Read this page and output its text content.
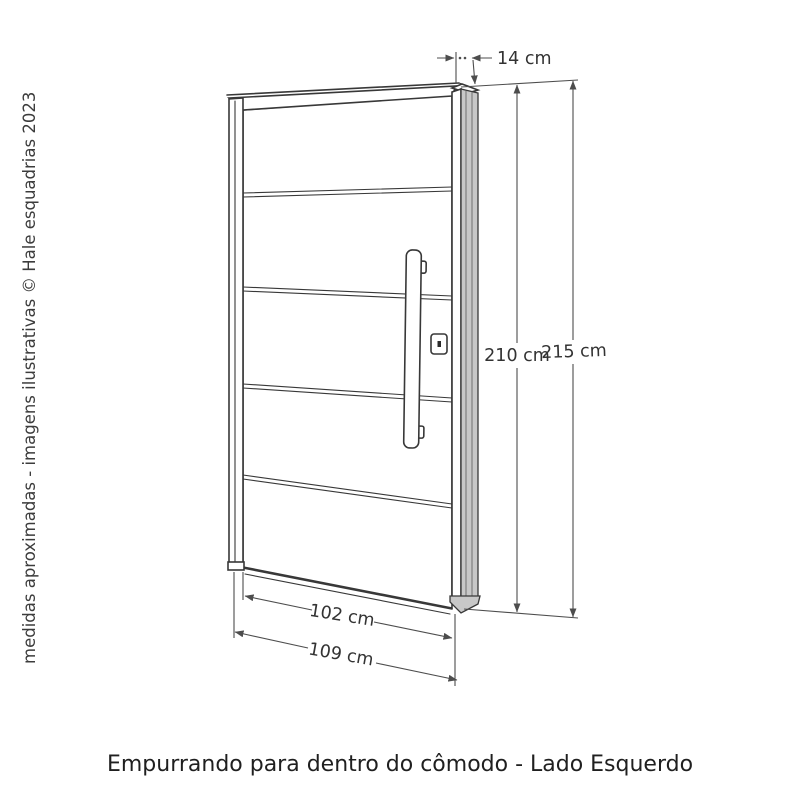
14 cm
210 cm
215 cm
102 cm
109 cm
medidas aproximadas - imagens ilustrativas © Hale esquadrias 2023
Empurrando para dentro do cômodo - Lado Esquerdo
